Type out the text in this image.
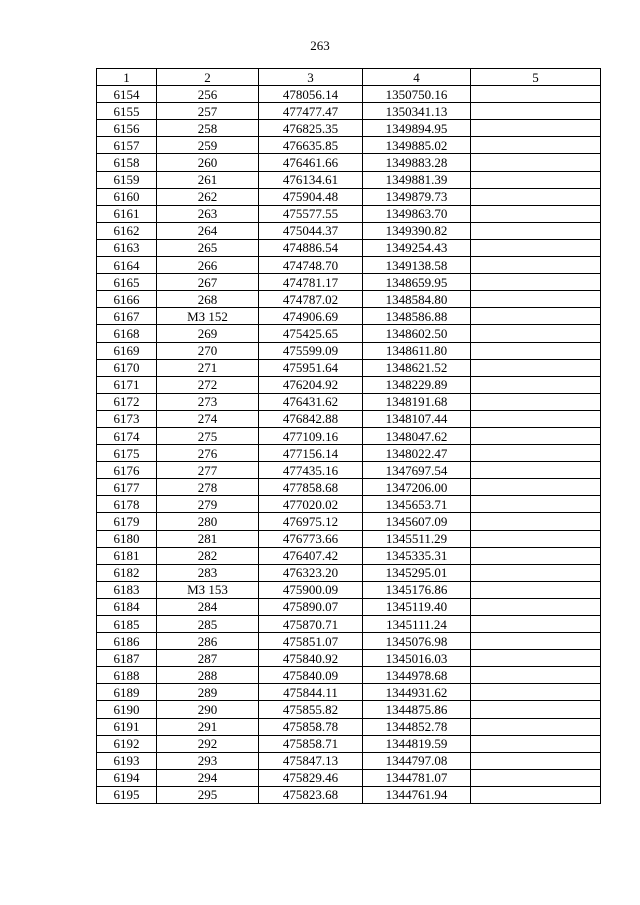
263
1	2	3	4	5
6154	256	478056.14	1350750.16	
6155	257	477477.47	1350341.13	
6156	258	476825.35	1349894.95	
6157	259	476635.85	1349885.02	
6158	260	476461.66	1349883.28	
6159	261	476134.61	1349881.39	
6160	262	475904.48	1349879.73	
6161	263	475577.55	1349863.70	
6162	264	475044.37	1349390.82	
6163	265	474886.54	1349254.43	
6164	266	474748.70	1349138.58	
6165	267	474781.17	1348659.95	
6166	268	474787.02	1348584.80	
6167	МЗ 152	474906.69	1348586.88	
6168	269	475425.65	1348602.50	
6169	270	475599.09	1348611.80	
6170	271	475951.64	1348621.52	
6171	272	476204.92	1348229.89	
6172	273	476431.62	1348191.68	
6173	274	476842.88	1348107.44	
6174	275	477109.16	1348047.62	
6175	276	477156.14	1348022.47	
6176	277	477435.16	1347697.54	
6177	278	477858.68	1347206.00	
6178	279	477020.02	1345653.71	
6179	280	476975.12	1345607.09	
6180	281	476773.66	1345511.29	
6181	282	476407.42	1345335.31	
6182	283	476323.20	1345295.01	
6183	МЗ 153	475900.09	1345176.86	
6184	284	475890.07	1345119.40	
6185	285	475870.71	1345111.24	
6186	286	475851.07	1345076.98	
6187	287	475840.92	1345016.03	
6188	288	475840.09	1344978.68	
6189	289	475844.11	1344931.62	
6190	290	475855.82	1344875.86	
6191	291	475858.78	1344852.78	
6192	292	475858.71	1344819.59	
6193	293	475847.13	1344797.08	
6194	294	475829.46	1344781.07	
6195	295	475823.68	1344761.94	
